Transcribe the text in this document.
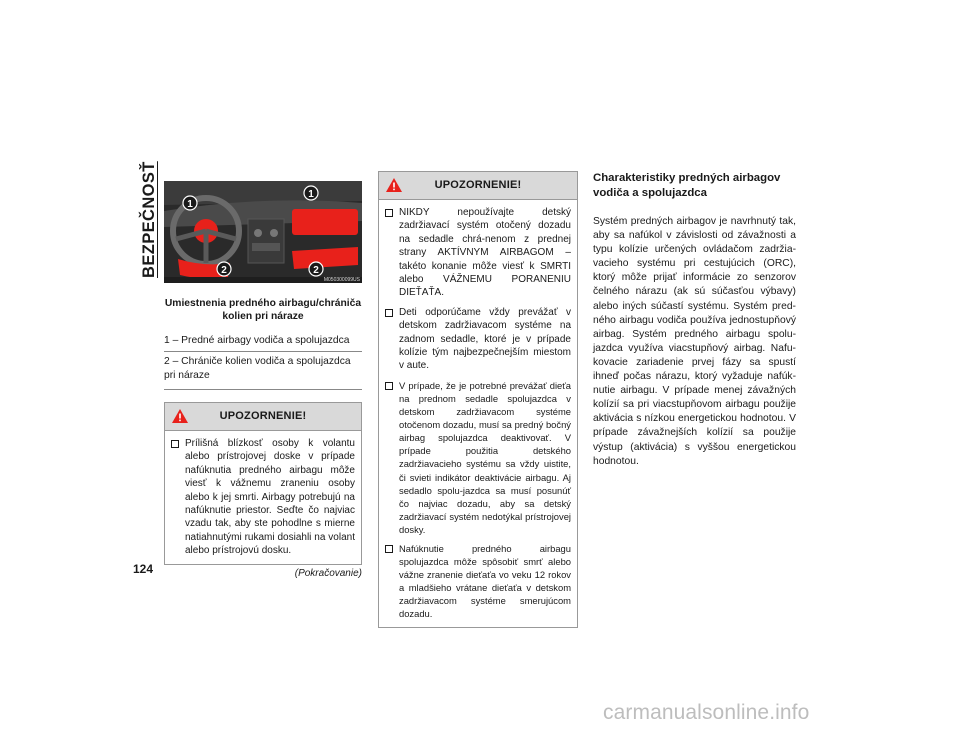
BEZPEČNOSŤ	1
1
2	2
M050300099US
Umiestnenia predného airbagu/chrániča kolien pri náraze
1 – Predné airbagy vodiča a spolujazdca
2 – Chrániče kolien vodiča a spolujazdca pri náraze
UPOZORNENIE!
Prílišná blízkosť osoby k volantu alebo prístrojovej doske v prípade nafúknutia predného airbagu môže viesť k vážnemu zraneniu osoby alebo k jej smrti. Airbagy potrebujú na nafúknutie priestor. Seďte čo najviac vzadu tak, aby ste pohodlne s mierne natiahnutými rukami dosiahli na volant alebo prístrojovú dosku.
(Pokračovanie)
UPOZORNENIE!
NIKDY nepoužívajte detský zadržiavací systém otočený dozadu na sedadle chrá-nenom z prednej strany AKTÍVNYM AIRBAGOM – takéto konanie môže viesť k SMRTI alebo VÁŽNEMU PORANENIU DIEŤAŤA.
Deti odporúčame vždy prevážať v detskom zadržiavacom systéme na zadnom sedadle, ktoré je v prípade kolízie tým najbezpečnejším miestom v aute.
V prípade, že je potrebné prevážať dieťa na prednom sedadle spolujazdca v detskom zadržiavacom systéme otočenom dozadu, musí sa predný bočný airbag spolujazdca deaktivovať. V prípade použitia detského zadržiavacieho systému sa vždy uistite, či svieti indikátor deaktivácie airbagu. Aj sedadlo spolu-jazdca sa musí posunúť čo najviac dozadu, aby sa detský zadržiavací systém nedotýkal prístrojovej dosky.
Nafúknutie predného airbagu spolujazdca môže spôsobiť smrť alebo vážne zranenie dieťaťa vo veku 12 rokov a mladšieho vrátane dieťaťa v detskom zadržiavacom systéme smerujúcom dozadu.
Charakteristiky predných airbagov vodiča a spolujazdca
Systém predných airbagov je navrhnutý tak, aby sa nafúkol v závislosti od závažnosti a typu kolízie určených ovládačom zadržia-vacieho systému pri cestujúcich (ORC), ktorý môže prijať informácie zo senzorov čelného nárazu (ak sú súčasťou výbavy) alebo iných súčastí systému. Systém pred-ného airbagu vodiča používa jednostupňový airbag. Systém predného airbagu spolu-jazdca využíva viacstupňový airbag. Nafu-kovacie zariadenie prvej fázy sa spustí ihneď počas nárazu, ktorý vyžaduje nafúk-nutie airbagu. V prípade menej závažných kolízií sa pri viacstupňovom airbagu použije aktivácia s nízkou energetickou hodnotou. V prípade závažnejších kolízií sa použije výstup (aktivácia) s vyššou energetickou hodnotou.
124
carmanualsonline.info
